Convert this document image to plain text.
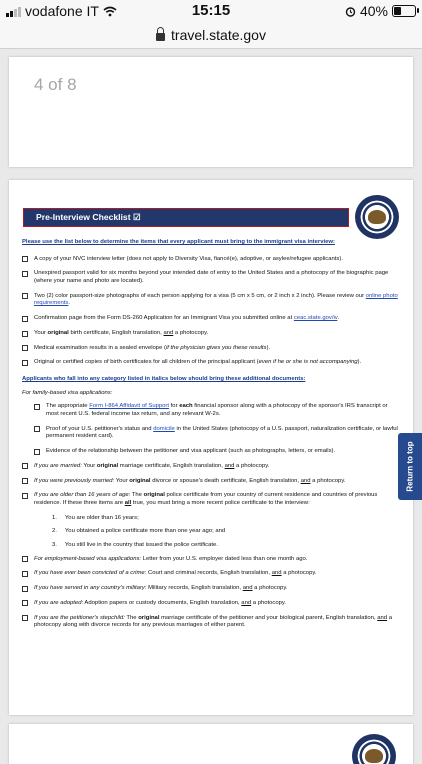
vodafone IT	15:15	40%
travel.state.gov
4 of 8
Pre-Interview Checklist ☑
Please use the list below to determine the items that every applicant must bring to the immigrant visa interview:
A copy of your NVC interview letter (does not apply to Diversity Visa, fiancé(e), adoptive, or asylee/refugee applicants).
Unexpired passport valid for six months beyond your intended date of entry to the United States and a photocopy of the biographic page (where your name and photo are located).
Two (2) color passport-size photographs of each person applying for a visa (5 cm x 5 cm, or 2 inch x 2 inch). Please review our online photo requirements.
Confirmation page from the Form DS-260 Application for an Immigrant Visa you submitted online at ceac.state.gov/iv.
Your original birth certificate, English translation, and a photocopy.
Medical examination results in a sealed envelope (if the physician gives you these results).
Original or certified copies of birth certificates for all children of the principal applicant (even if he or she is not accompanying).
Applicants who fall into any category listed in italics below should bring these additional documents:
For family-based visa applications:
The appropriate Form I-864 Affidavit of Support for each financial sponsor along with a photocopy of the sponsor's IRS transcript or most recent U.S. federal income tax return, and any relevant W-2s.
Proof of your U.S. petitioner's status and domicile in the United States (photocopy of a U.S. passport, naturalization certificate, or lawful permanent resident card).
Evidence of the relationship between the petitioner and visa applicant (such as photographs, letters, or emails).
If you are married: Your original marriage certificate, English translation, and a photocopy.
If you were previously married: Your original divorce or spouse's death certificate, English translation, and a photocopy.
If you are older than 16 years of age: The original police certificate from your country of current residence and countries of previous residence. If these three items are all true, you must bring a more recent police certificate to the interview:
1. You are older than 16 years;
2. You obtained a police certificate more than one year ago; and
3. You still live in the country that issued the police certificate.
For employment-based visa applications: Letter from your U.S. employer dated less than one month ago.
If you have ever been convicted of a crime: Court and criminal records, English translation, and a photocopy.
If you have served in any country's military: Military records, English translation, and a photocopy.
If you are adopted: Adoption papers or custody documents, English translation, and a photocopy.
If you are the petitioner's stepchild: The original marriage certificate of the petitioner and your biological parent, English translation, and a photocopy along with divorce records for any previous marriages of either parent.
Return to top
